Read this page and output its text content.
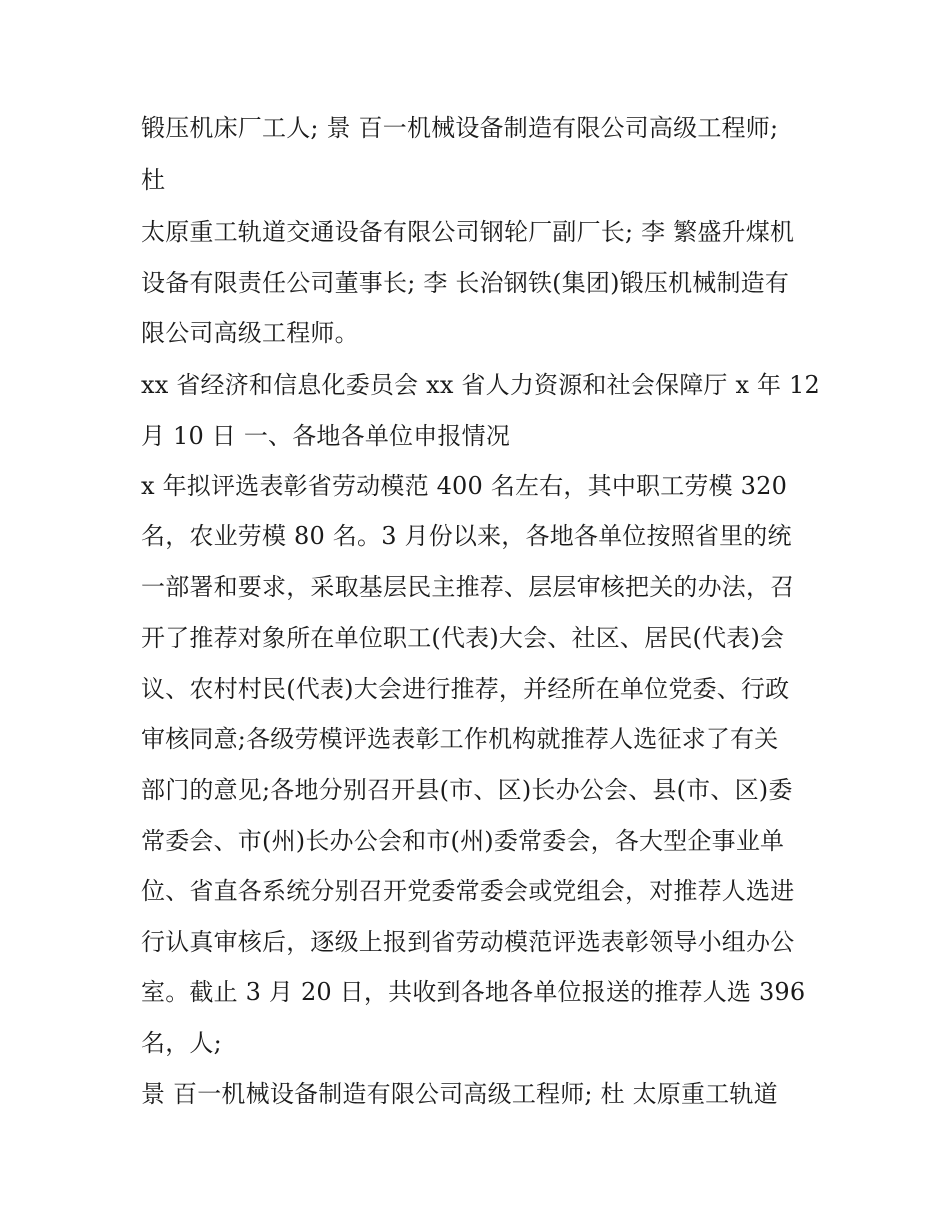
锻压机床厂工人; 景 百一机械设备制造有限公司高级工程师;
杜
太原重工轨道交通设备有限公司钢轮厂副厂长; 李 繁盛升煤机
设备有限责任公司董事长; 李 长治钢铁(集团)锻压机械制造有
限公司高级工程师。
xx 省经济和信息化委员会 xx 省人力资源和社会保障厅 x 年 12
月 10 日 一、各地各单位申报情况
x 年拟评选表彰省劳动模范 400 名左右，其中职工劳模 320
名，农业劳模 80 名。3 月份以来，各地各单位按照省里的统
一部署和要求，采取基层民主推荐、层层审核把关的办法，召
开了推荐对象所在单位职工(代表)大会、社区、居民(代表)会
议、农村村民(代表)大会进行推荐，并经所在单位党委、行政
审核同意;各级劳模评选表彰工作机构就推荐人选征求了有关
部门的意见;各地分别召开县(市、区)长办公会、县(市、区)委
常委会、市(州)长办公会和市(州)委常委会，各大型企事业单
位、省直各系统分别召开党委常委会或党组会，对推荐人选进
行认真审核后，逐级上报到省劳动模范评选表彰领导小组办公
室。截止 3 月 20 日，共收到各地各单位报送的推荐人选 396
名，人;
景 百一机械设备制造有限公司高级工程师; 杜 太原重工轨道
